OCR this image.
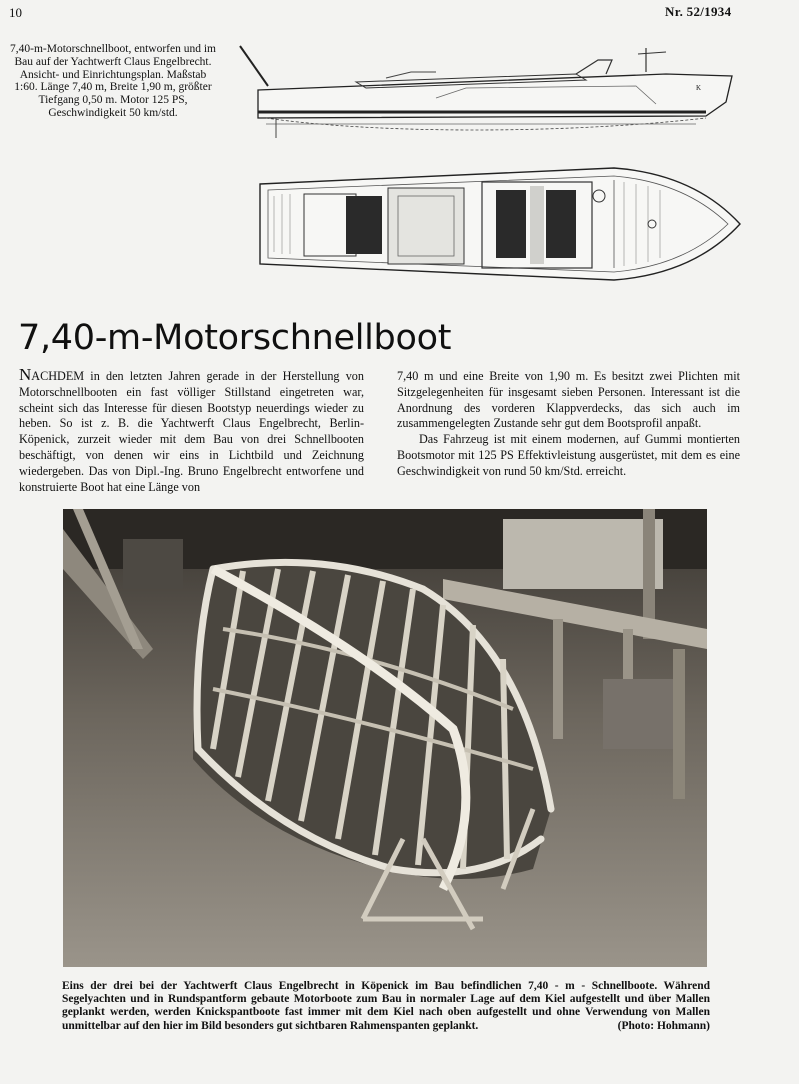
10	Nr. 52/1934
7,40-m-Motorschnellboot, entworfen und im Bau auf der Yachtwerft Claus Engelbrecht. Ansicht- und Einrichtungsplan. Maßstab 1:60. Länge 7,40 m, Breite 1,90 m, größter Tiefgang 0,50 m. Motor 125 PS, Geschwindigkeit 50 km/std.
K
7,40-m-Motorschnellboot

NACHDEM in den letzten Jahren gerade in der Herstellung von Motorschnellbooten ein fast völliger Stillstand eingetreten war, scheint sich das Interesse für diesen Bootstyp neuerdings wieder zu heben. So ist z. B. die Yachtwerft Claus Engelbrecht, Berlin-Köpenick, zurzeit wieder mit dem Bau von drei Schnellbooten beschäftigt, von denen wir eins in Lichtbild und Zeichnung wiedergeben. Das von Dipl.-Ing. Bruno Engelbrecht entworfene und konstruierte Boot hat eine Länge von

7,40 m und eine Breite von 1,90 m. Es besitzt zwei Plichten mit Sitzgelegenheiten für insgesamt sieben Personen. Interessant ist die Anordnung des vorderen Klappverdecks, das sich auch im zusammengelegten Zustande sehr gut dem Bootsprofil anpaßt.

Das Fahrzeug ist mit einem modernen, auf Gummi montierten Bootsmotor mit 125 PS Effektivleistung ausgerüstet, mit dem es eine Geschwindigkeit von rund 50 km/Std. erreicht.

Eins der drei bei der Yachtwerft Claus Engelbrecht in Köpenick im Bau befindlichen 7,40 - m - Schnellboote. Während Segelyachten und in Rundspantform gebaute Motorboote zum Bau in normaler Lage auf dem Kiel aufgestellt und über Mallen geplankt werden, werden Knickspantboote fast immer mit dem Kiel nach oben aufgestellt und ohne Verwendung von Mallen unmittelbar auf den hier im Bild besonders gut sichtbaren Rahmenspanten geplankt.	(Photo: Hohmann)
